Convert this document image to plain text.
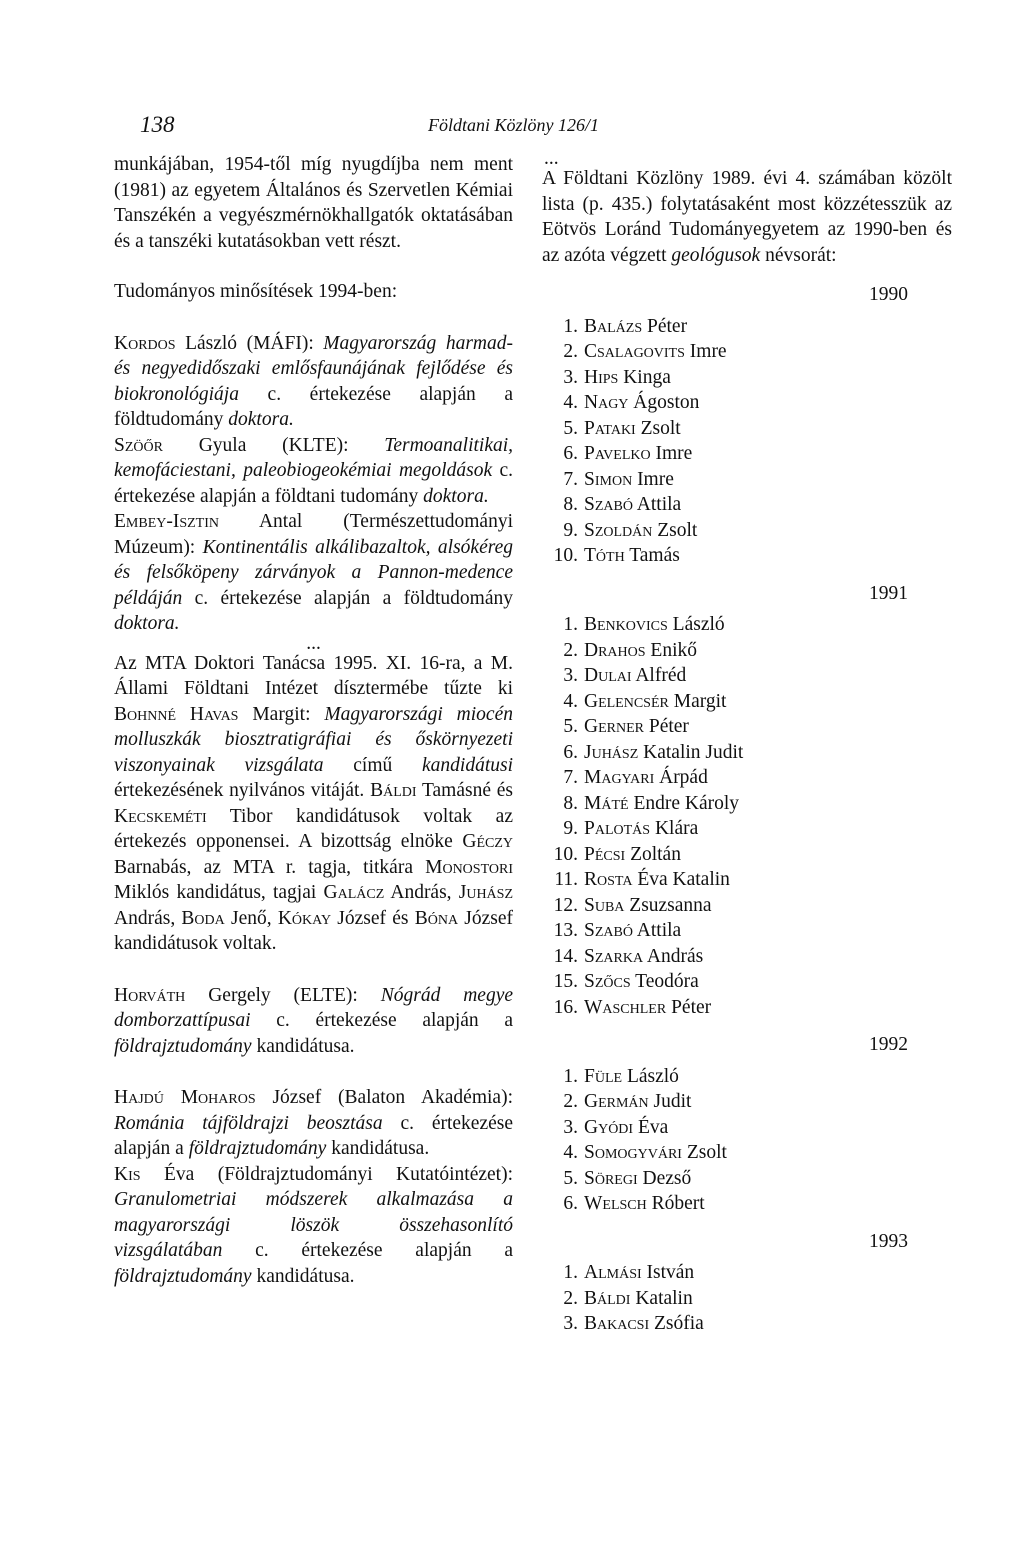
138	Földtani Közlöny 126/1

munkájában, 1954-től míg nyugdíjba nem ment (1981) az egyetem Általános és Szervetlen Kémiai Tanszékén a vegyészmérnökhallgatók oktatásában és a tanszéki kutatásokban vett részt.

Tudományos minősítések 1994-ben:

Kordos László (MÁFI): Magyarország harmad- és negyedidőszaki emlősfaunájának fejlődése és biokronológiája c. értekezése alapján a földtudomány doktora.

Szöőr Gyula (KLTE): Termoanalitikai, kemofáciestani, paleobiogeokémiai megoldások c. értekezése alapján a földtani tudomány doktora.

Embey-Isztin Antal (Természettudományi Múzeum): Kontinentális alkálibazaltok, alsókéreg és felsőköpeny zárványok a Pannon-medence példáján c. értekezése alapján a földtudomány doktora.

...

Az MTA Doktori Tanácsa 1995. XI. 16-ra, a M. Állami Földtani Intézet dísztermébe tűzte ki Bohnné Havas Margit: Magyarországi miocén molluszkák biosztratigráfiai és őskörnyezeti viszonyainak vizsgálata című kandidátusi értekezésének nyilvános vitáját. Báldi Tamásné és Kecskeméti Tibor kandidátusok voltak az értekezés opponensei. A bizottság elnöke Géczy Barnabás, az MTA r. tagja, titkára Monostori Miklós kandidátus, tagjai Galácz András, Juhász András, Boda Jenő, Kókay József és Bóna József kandidátusok voltak.

Horváth Gergely (ELTE): Nógrád megye domborzattípusai c. értekezése alapján a földrajztudomány kandidátusa.

Hajdú Moharos József (Balaton Akadémia): Románia tájföldrajzi beosztása c. értekezése alapján a földrajztudomány kandidátusa.

Kis Éva (Földrajztudományi Kutatóintézet): Granulometriai módszerek alkalmazása a magyarországi löszök összehasonlító vizsgálatában c. értekezése alapján a földrajztudomány kandidátusa.

...

A Földtani Közlöny 1989. évi 4. számában közölt lista (p. 435.) folytatásaként most közzétesszük az Eötvös Loránd Tudományegyetem az 1990-ben és az azóta végzett geológusok névsorát:

1990
1. Balázs Péter
2. Csalagovits Imre
3. Hips Kinga
4. Nagy Ágoston
5. Pataki Zsolt
6. Pavelko Imre
7. Simon Imre
8. Szabó Attila
9. Szoldán Zsolt
10. Tóth Tamás
1991
1. Benkovics László
2. Drahos Enikő
3. Dulai Alfréd
4. Gelencsér Margit
5. Gerner Péter
6. Juhász Katalin Judit
7. Magyari Árpád
8. Máté Endre Károly
9. Palotás Klára
10. Pécsi Zoltán
11. Rosta Éva Katalin
12. Suba Zsuzsanna
13. Szabó Attila
14. Szarka András
15. Szőcs Teodóra
16. Waschler Péter
1992
1. Füle László
2. Germán Judit
3. Gyódi Éva
4. Somogyvári Zsolt
5. Söregi Dezső
6. Welsch Róbert
1993
1. Almási István
2. Báldi Katalin
3. Bakacsi Zsófia
